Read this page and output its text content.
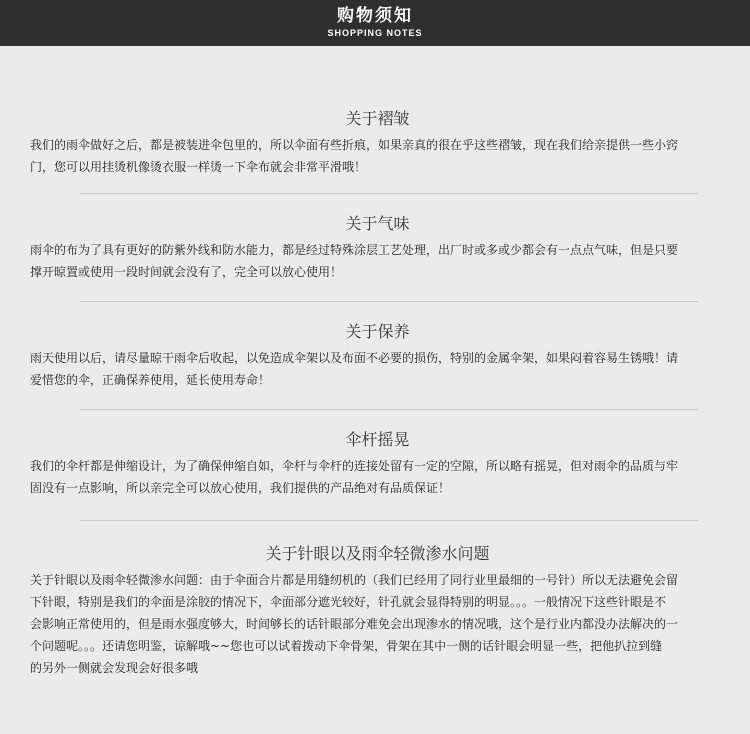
购物须知
SHOPPING NOTES
关于褶皱
我们的雨伞做好之后，都是被装进伞包里的，所以伞面有些折痕，如果亲真的很在乎这些褶皱，现在我们给亲提供一些小窍
门，您可以用挂烫机像烫衣服一样烫一下伞布就会非常平滑哦！
关于气味
雨伞的布为了具有更好的防紫外线和防水能力，都是经过特殊涂层工艺处理，出厂时或多或少都会有一点点气味，但是只要
撑开晾置或使用一段时间就会没有了，完全可以放心使用！
关于保养
雨天使用以后，请尽量晾干雨伞后收起，以免造成伞架以及布面不必要的损伤，特别的金属伞架，如果闷着容易生锈哦！请
爱惜您的伞，正确保养使用，延长使用寿命！
伞杆摇晃
我们的伞杆都是伸缩设计，为了确保伸缩自如，伞杆与伞杆的连接处留有一定的空隙，所以略有摇晃，但对雨伞的品质与牢
固没有一点影响，所以亲完全可以放心使用，我们提供的产品绝对有品质保证！
关于针眼以及雨伞轻微渗水问题
关于针眼以及雨伞轻微渗水问题：由于伞面合片都是用缝纫机的（我们已经用了同行业里最细的一号针）所以无法避免会留
下针眼，特别是我们的伞面是涂胶的情况下，伞面部分遮光较好，针孔就会显得特别的明显。。。一般情况下这些针眼是不
会影响正常使用的，但是雨水强度够大，时间够长的话针眼部分难免会出现渗水的情况哦，这个是行业内都没办法解决的一
个问题呢。。。还请您明鉴，谅解哦~~您也可以试着拨动下伞骨架，骨架在其中一侧的话针眼会明显一些，把他扒拉到缝
的另外一侧就会发现会好很多哦
